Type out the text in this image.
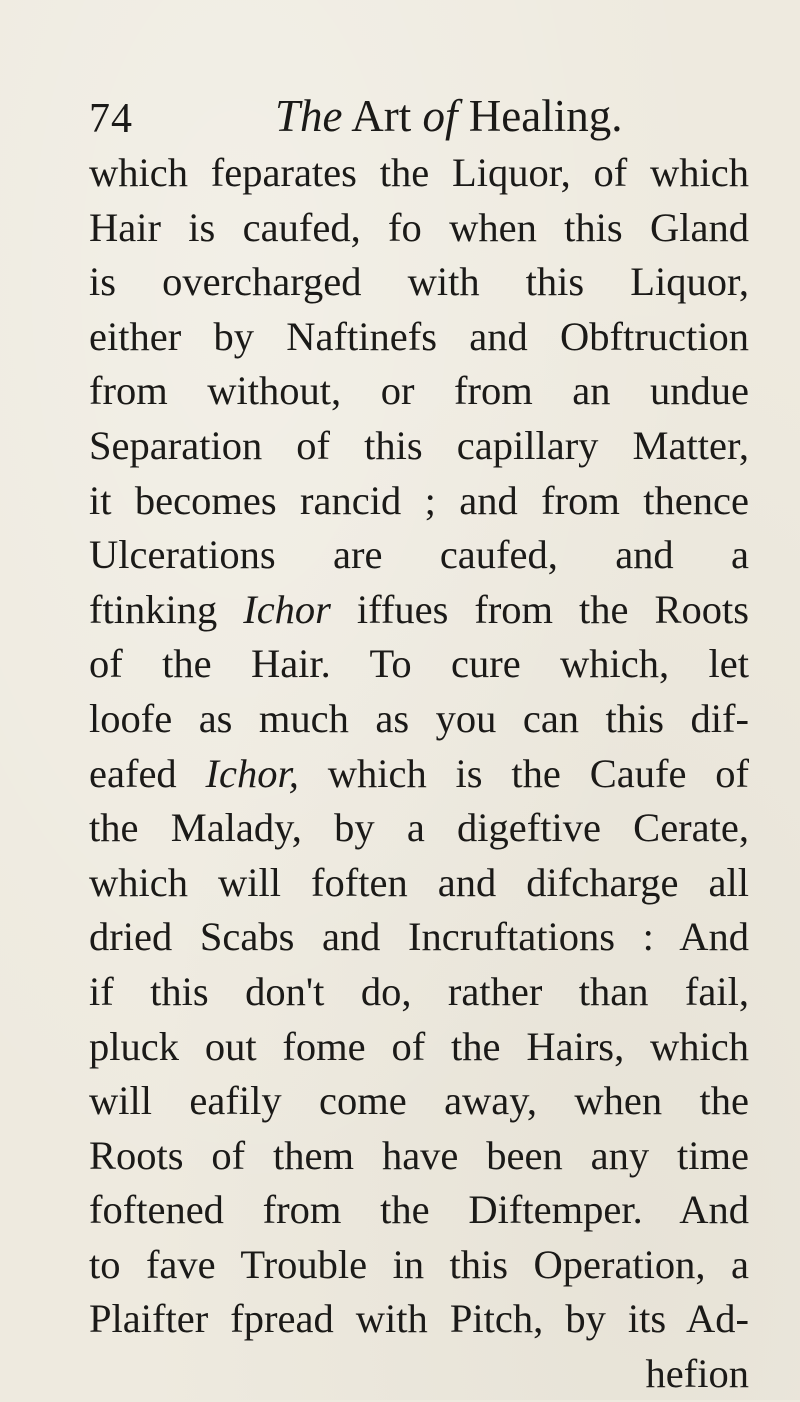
74	The Art of Healing.
which feparates the Liquor, of which
Hair is caufed, fo when this Gland
is overcharged with this Liquor,
either by Naftinefs and Obftruction
from without, or from an undue
Separation of this capillary Matter,
it becomes rancid ; and from thence
Ulcerations are caufed, and a
ftinking Ichor iffues from the Roots
of the Hair. To cure which, let
loofe as much as you can this dif-
eafed Ichor, which is the Caufe of
the Malady, by a digeftive Cerate,
which will foften and difcharge all
dried Scabs and Incruftations : And
if this don't do, rather than fail,
pluck out fome of the Hairs, which
will eafily come away, when the
Roots of them have been any time
foftened from the Diftemper. And
to fave Trouble in this Operation, a
Plaifter fpread with Pitch, by its Ad-
hefion
